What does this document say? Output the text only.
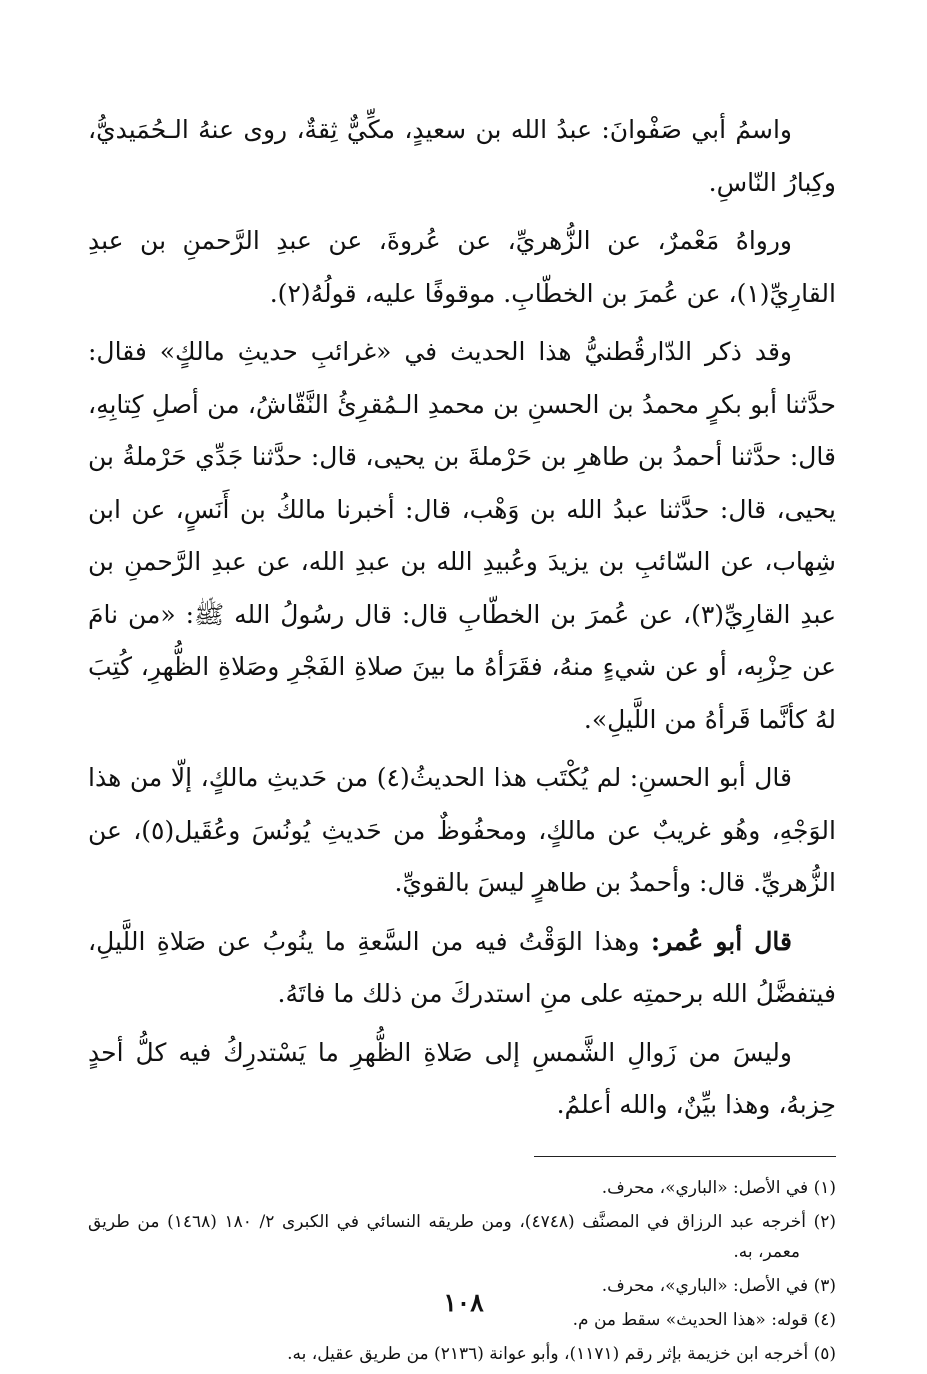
واسمُ أبي صَفْوانَ: عبدُ الله بن سعيدٍ، مكِّيٌّ ثِقةٌ، روى عنهُ الـحُمَيديُّ، وكِبارُ النّاسِ.

ورواهُ مَعْمرٌ، عن الزُّهريِّ، عن عُروةَ، عن عبدِ الرَّحمنِ بن عبدِ القارِيِّ(١)، عن عُمرَ بن الخطّابِ. موقوفًا عليه، قولُهُ(٢).

وقد ذكر الدّارقُطنيُّ هذا الحديث في «غرائبِ حديثِ مالكٍ» فقال: حدَّثنا أبو بكرٍ محمدُ بن الحسنِ بن محمدِ الـمُقرِئُ النَّقّاشُ، من أصلِ كِتابِهِ، قال: حدَّثنا أحمدُ بن طاهرِ بن حَرْملةَ بن يحيى، قال: حدَّثنا جَدِّي حَرْملةُ بن يحيى، قال: حدَّثنا عبدُ الله بن وَهْب، قال: أخبرنا مالكُ بن أَنَسٍ، عن ابن شِهاب، عن السّائبِ بن يزيدَ وعُبيدِ الله بن عبدِ الله، عن عبدِ الرَّحمنِ بن عبدِ القارِيِّ(٣)، عن عُمرَ بن الخطّابِ قال: قال رسُولُ الله ﷺ: «من نامَ عن حِزْبِه، أو عن شيءٍ منهُ، فقَرَأهُ ما بينَ صلاةِ الفَجْرِ وصَلاةِ الظُّهرِ، كُتِبَ لهُ كأنَّما قَرأهُ من اللَّيلِ».

قال أبو الحسنِ: لم يُكْتَب هذا الحديثُ(٤) من حَديثِ مالكٍ، إلّا من هذا الوَجْهِ، وهُو غريبٌ عن مالكٍ، ومحفُوظٌ من حَديثِ يُونُسَ وعُقَيل(٥)، عن الزُّهريِّ. قال: وأحمدُ بن طاهرٍ ليسَ بالقويِّ.

قال أبو عُمر: وهذا الوَقْتُ فيه من السَّعةِ ما ينُوبُ عن صَلاةِ اللَّيلِ، فيتفضَّلُ الله برحمتِه على منِ استدركَ من ذلك ما فاتَهُ.

وليسَ من زَوالِ الشَّمسِ إلى صَلاةِ الظُّهرِ ما يَسْتدرِكُ فيه كلُّ أحدٍ حِزبهُ، وهذا بيِّنٌ، والله أعلمُ.

(١) في الأصل: «الباري»، محرف.
(٢) أخرجه عبد الرزاق في المصنَّف (٤٧٤٨)، ومن طريقه النسائي في الكبرى ٢/ ١٨٠ (١٤٦٨) من طريق معمر، به.
(٣) في الأصل: «الباري»، محرف.
(٤) قوله: «هذا الحديث» سقط من م.
(٥) أخرجه ابن خزيمة بإثر رقم (١١٧١)، وأبو عوانة (٢١٣٦) من طريق عقيل، به.
١٠٨
